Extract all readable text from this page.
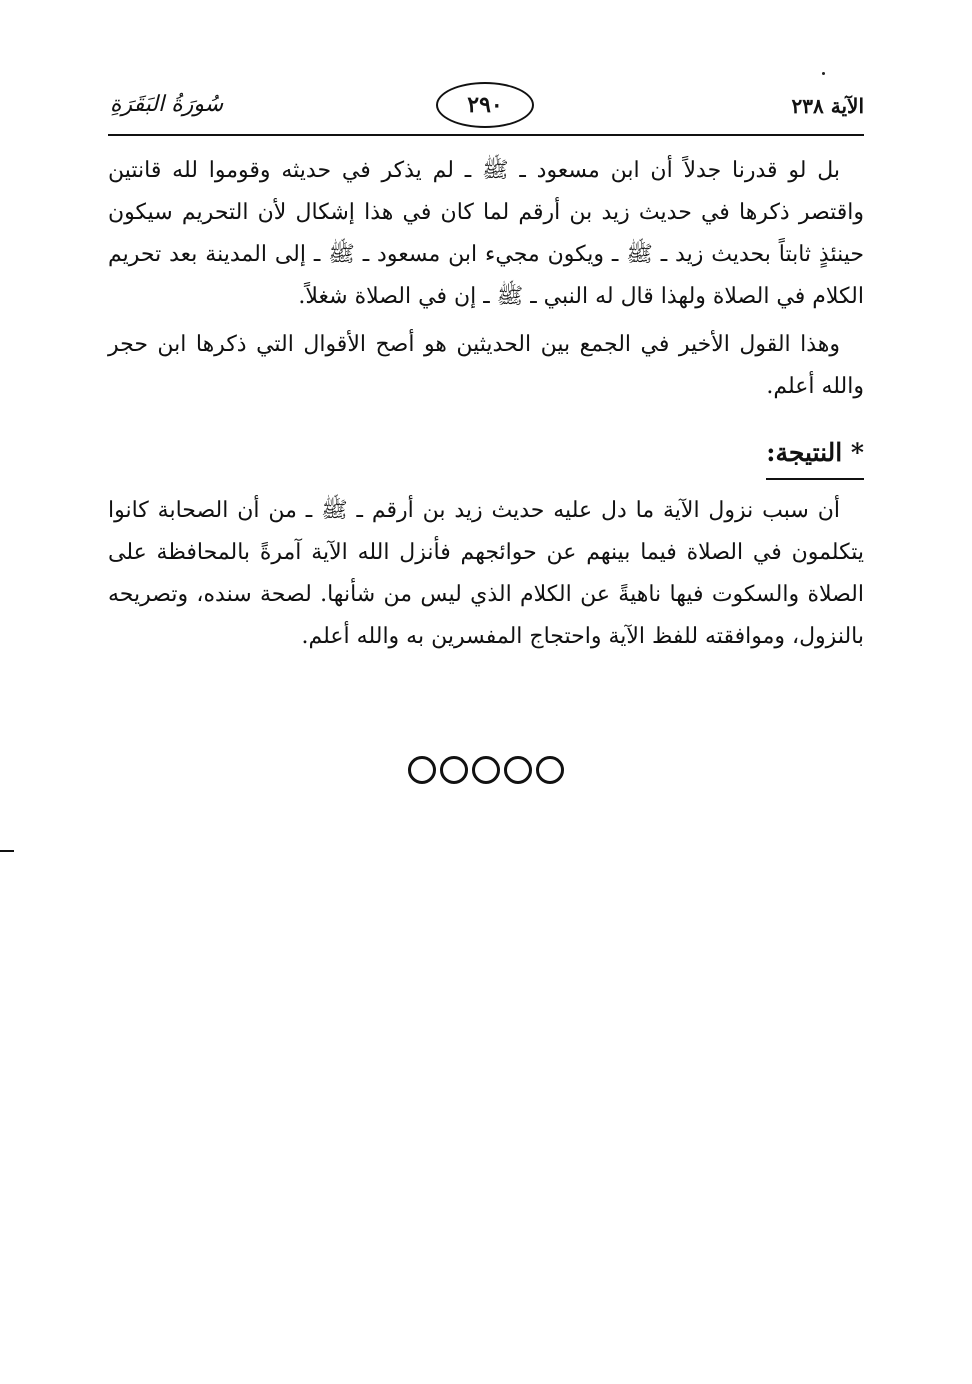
سُورَةُ البَقَرَةِ	٢٩٠	الآية ٢٣٨

بل لو قدرنا جدلاً أن ابن مسعود ـ ﷺ ـ لم يذكر في حديثه وقوموا لله قانتين واقتصر ذكرها في حديث زيد بن أرقم لما كان في هذا إشكال لأن التحريم سيكون حينئذٍ ثابتاً بحديث زيد ـ ﷺ ـ ويكون مجيء ابن مسعود ـ ﷺ ـ إلى المدينة بعد تحريم الكلام في الصلاة ولهذا قال له النبي ـ ﷺ ـ إن في الصلاة شغلاً.

وهذا القول الأخير في الجمع بين الحديثين هو أصح الأقوال التي ذكرها ابن حجر والله أعلم.

* النتيجة:

أن سبب نزول الآية ما دل عليه حديث زيد بن أرقم ـ ﷺ ـ من أن الصحابة كانوا يتكلمون في الصلاة فيما بينهم عن حوائجهم فأنزل الله الآية آمرةً بالمحافظة على الصلاة والسكوت فيها ناهيةً عن الكلام الذي ليس من شأنها. لصحة سنده، وتصريحه بالنزول، وموافقته للفظ الآية واحتجاج المفسرين به والله أعلم.
